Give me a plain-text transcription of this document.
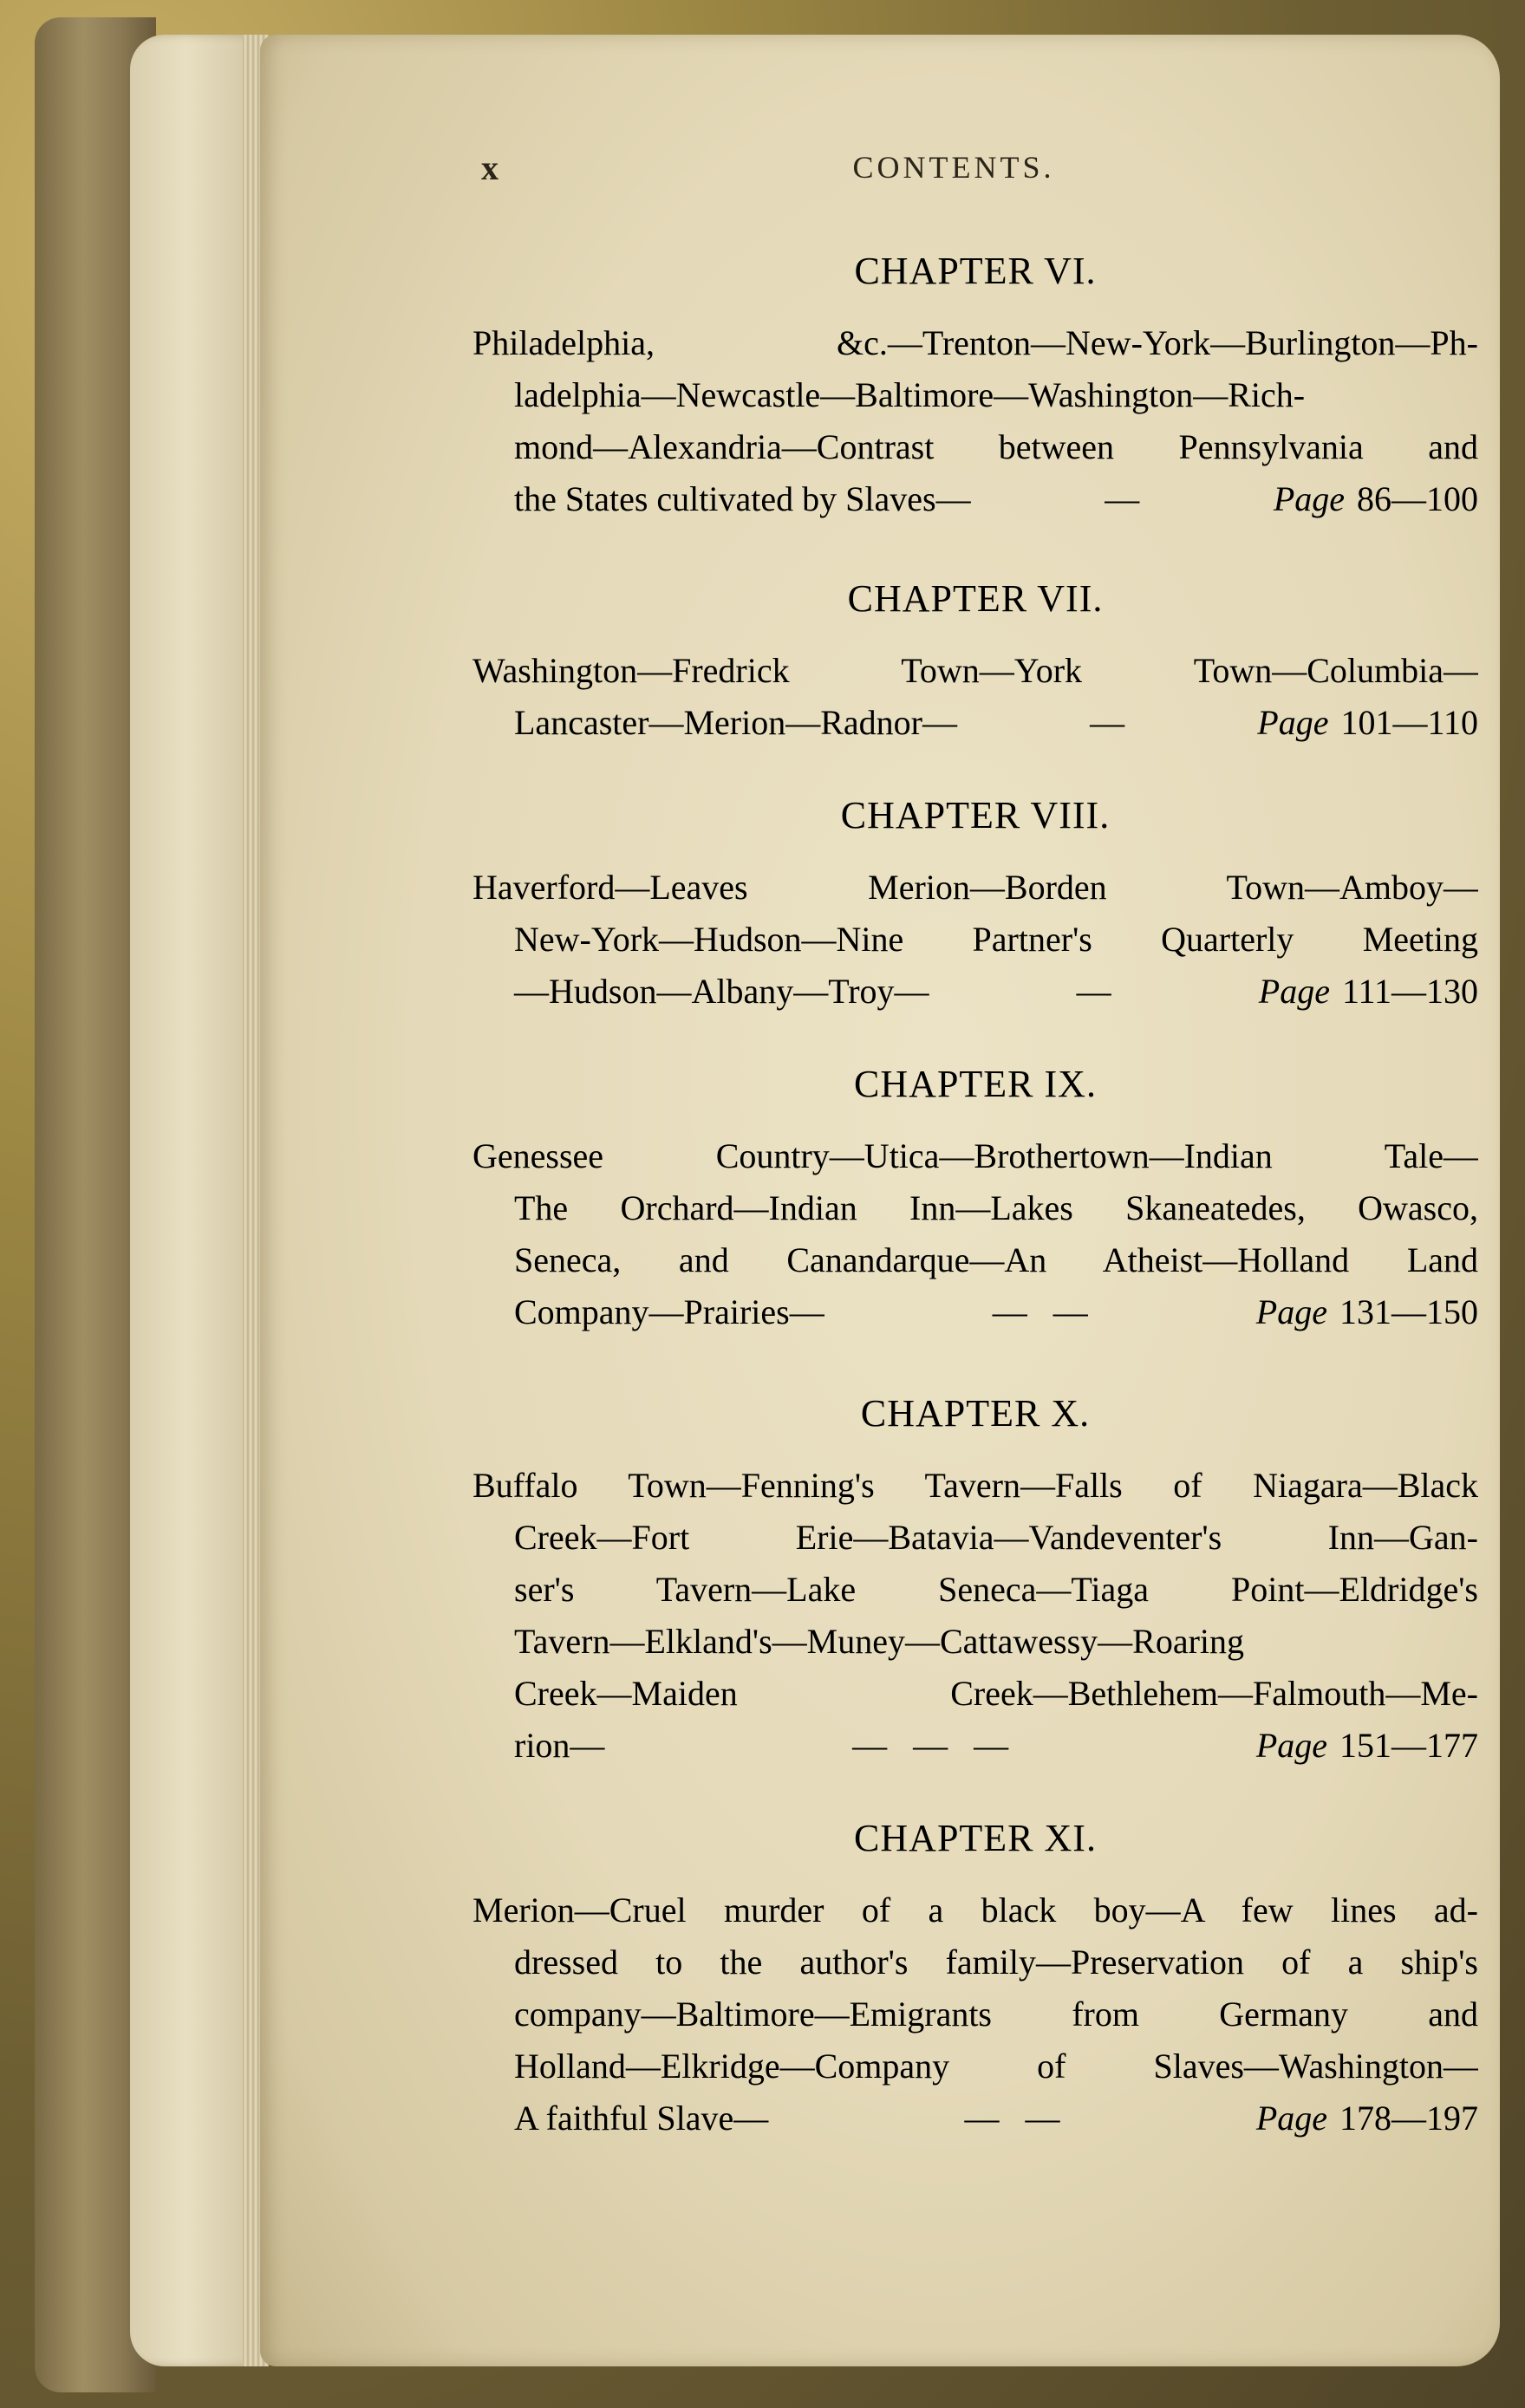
x	CONTENTS.
CHAPTER VI.
Philadelphia, &c.—Trenton—New-York—Burlington—Ph-
ladelphia—Newcastle—Baltimore—Washington—Rich-
mond—Alexandria—Contrast between Pennsylvania and
the States cultivated by Slaves—	—	Page 86—100
CHAPTER VII.
Washington—Fredrick Town—York Town—Columbia—
Lancaster—Merion—Radnor—	—	Page 101—110
CHAPTER VIII.
Haverford—Leaves Merion—Borden Town—Amboy—
New-York—Hudson—Nine Partner's Quarterly Meeting
—Hudson—Albany—Troy—	—	Page 111—130
CHAPTER IX.
Genessee Country—Utica—Brothertown—Indian Tale—
The Orchard—Indian Inn—Lakes Skaneatedes, Owasco,
Seneca, and Canandarque—An Atheist—Holland Land
Company—Prairies—	—   —	Page 131—150
CHAPTER X.
Buffalo Town—Fenning's Tavern—Falls of Niagara—Black
Creek—Fort Erie—Batavia—Vandeventer's Inn—Gan-
ser's Tavern—Lake Seneca—Tiaga Point—Eldridge's
Tavern—Elkland's—Muney—Cattawessy—Roaring
Creek—Maiden Creek—Bethlehem—Falmouth—Me-
rion—	—   —   —	Page 151—177
CHAPTER XI.
Merion—Cruel murder of a black boy—A few lines ad-
dressed to the author's family—Preservation of a ship's
company—Baltimore—Emigrants from Germany and
Holland—Elkridge—Company of Slaves—Washington—
A faithful Slave—	—   —	Page 178—197
